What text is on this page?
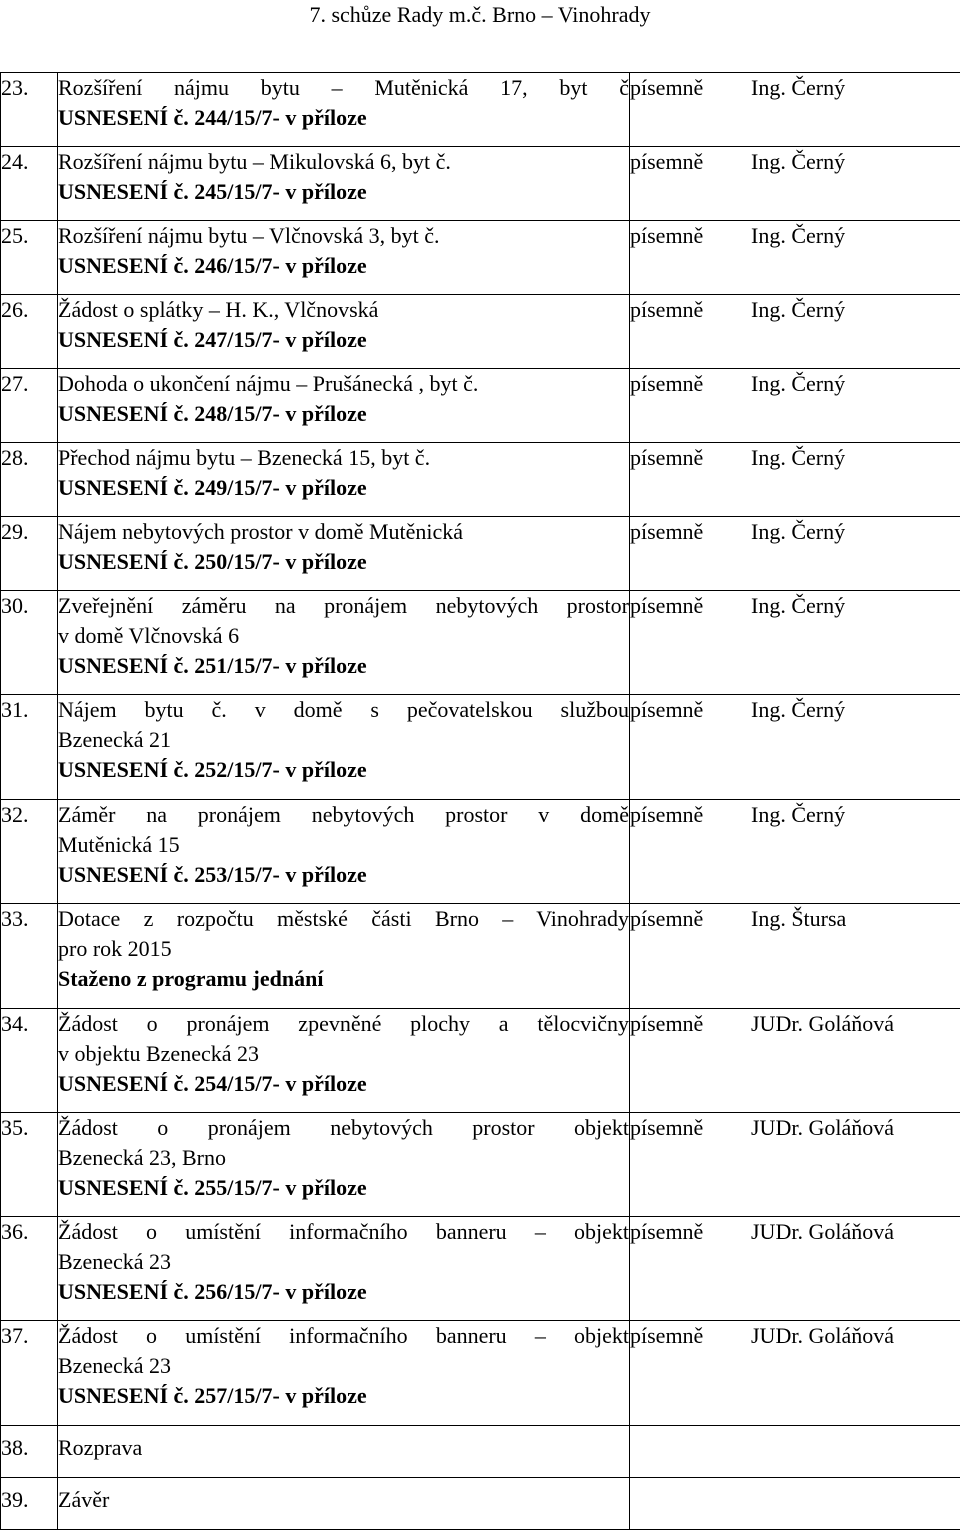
7. schůze Rady m.č. Brno – Vinohrady
23.	Rozšíření nájmu bytu – Mutěnická 17, byt č
USNESENÍ č. 244/15/7- v příloze	písemně Ing. Černý
24.	Rozšíření nájmu bytu – Mikulovská 6, byt č.
USNESENÍ č. 245/15/7- v příloze	písemně Ing. Černý
25.	Rozšíření nájmu bytu – Vlčnovská 3, byt č.
USNESENÍ č. 246/15/7- v příloze	písemně Ing. Černý
26.	Žádost o splátky – H. K., Vlčnovská
USNESENÍ č. 247/15/7- v příloze	písemně Ing. Černý
27.	Dohoda o ukončení nájmu – Prušánecká , byt č.
USNESENÍ č. 248/15/7- v příloze	písemně Ing. Černý
28.	Přechod nájmu bytu – Bzenecká 15, byt č.
USNESENÍ č. 249/15/7- v příloze	písemně Ing. Černý
29.	Nájem nebytových prostor v domě Mutěnická
USNESENÍ č. 250/15/7- v příloze	písemně Ing. Černý
30.	Zveřejnění záměru na pronájem nebytových prostor
v domě Vlčnovská 6
USNESENÍ č. 251/15/7- v příloze	písemně Ing. Černý
31.	Nájem bytu č. v domě s pečovatelskou službou
Bzenecká 21
USNESENÍ č. 252/15/7- v příloze	písemně Ing. Černý
32.	Záměr na pronájem nebytových prostor v domě
Mutěnická 15
USNESENÍ č. 253/15/7- v příloze	písemně Ing. Černý
33.	Dotace z rozpočtu městské části Brno – Vinohrady
pro rok 2015
Staženo z programu jednání	písemně Ing. Štursa
34.	Žádost o pronájem zpevněné plochy a tělocvičny
v objektu Bzenecká 23
USNESENÍ č. 254/15/7- v příloze	písemně JUDr. Goláňová
35.	Žádost o pronájem nebytových prostor objekt
Bzenecká 23, Brno
USNESENÍ č. 255/15/7- v příloze	písemně JUDr. Goláňová
36.	Žádost o umístění informačního banneru – objekt
Bzenecká 23
USNESENÍ č. 256/15/7- v příloze	písemně JUDr. Goláňová
37.	Žádost o umístění informačního banneru – objekt
Bzenecká 23
USNESENÍ č. 257/15/7- v příloze	písemně JUDr. Goláňová
38.	Rozprava	
39.	Závěr	
